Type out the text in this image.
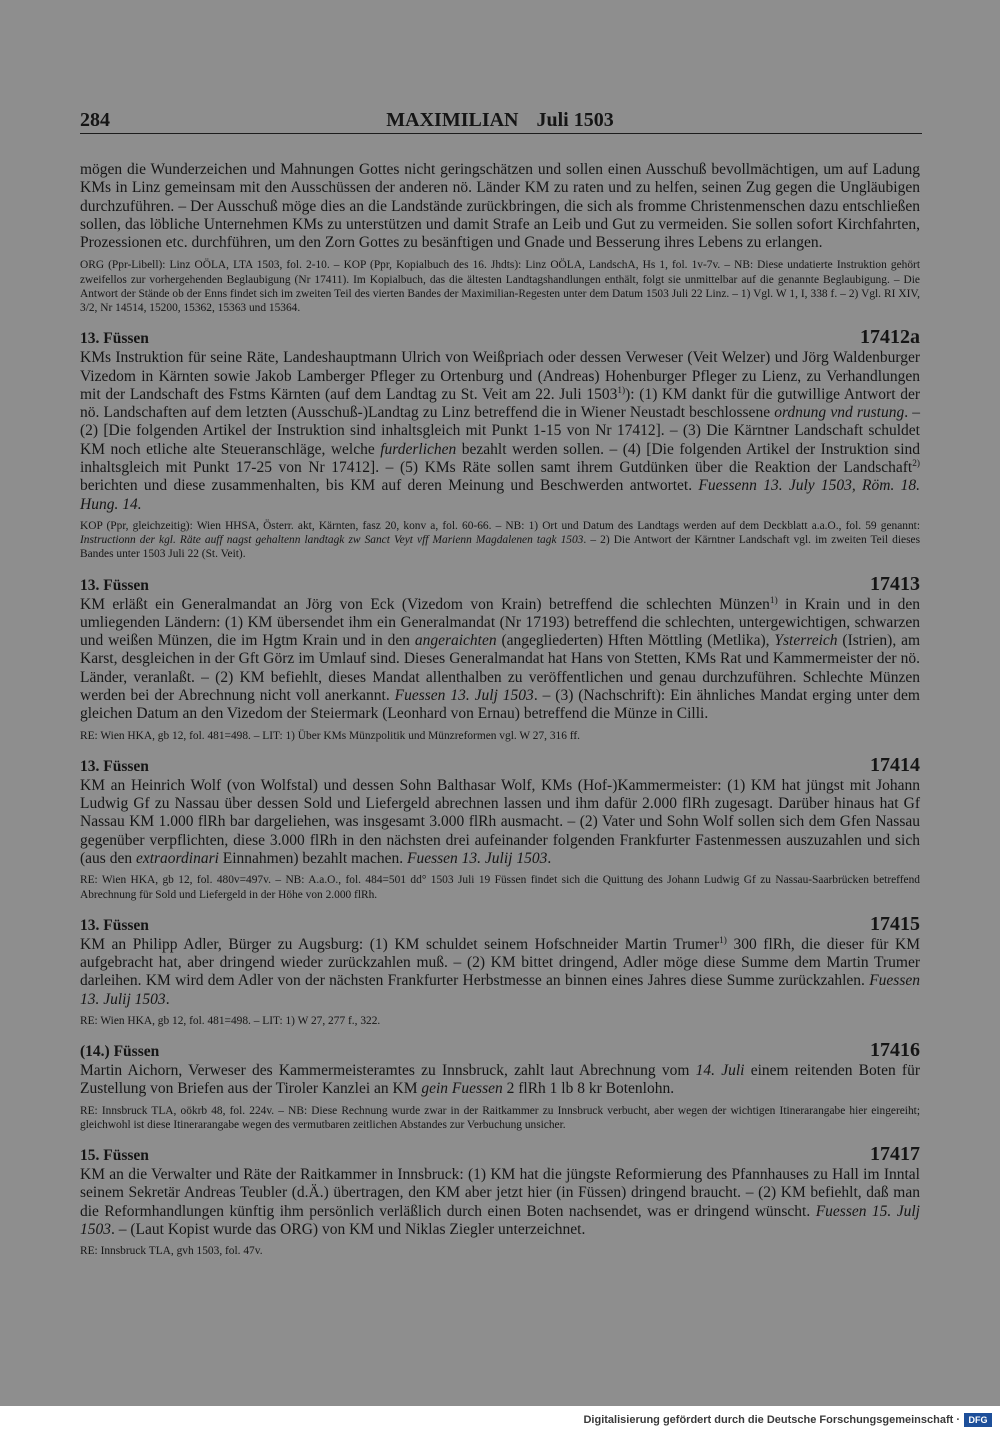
284	MAXIMILIAN Juli 1503

mögen die Wunderzeichen und Mahnungen Gottes nicht geringschätzen und sollen einen Ausschuß bevollmächtigen, um auf Ladung KMs in Linz gemeinsam mit den Ausschüssen der anderen nö. Länder KM zu raten und zu helfen, seinen Zug gegen die Ungläubigen durchzuführen. – Der Ausschuß möge dies an die Landstände zurückbringen, die sich als fromme Christenmenschen dazu entschließen sollen, das löbliche Unternehmen KMs zu unterstützen und damit Strafe an Leib und Gut zu vermeiden. Sie sollen sofort Kirchfahrten, Prozessionen etc. durchführen, um den Zorn Gottes zu besänftigen und Gnade und Besserung ihres Lebens zu erlangen.

ORG (Ppr-Libell): Linz OÖLA, LTA 1503, fol. 2-10. – KOP (Ppr, Kopialbuch des 16. Jhdts): Linz OÖLA, LandschA, Hs 1, fol. 1v-7v. – NB: Diese undatierte Instruktion gehört zweifellos zur vorhergehenden Beglaubigung (Nr 17411). Im Kopialbuch, das die ältesten Landtagshandlungen enthält, folgt sie unmittelbar auf die genannte Beglaubigung. – Die Antwort der Stände ob der Enns findet sich im zweiten Teil des vierten Bandes der Maximilian-Regesten unter dem Datum 1503 Juli 22 Linz. – 1) Vgl. W 1, I, 338 f. – 2) Vgl. RI XIV, 3/2, Nr 14514, 15200, 15362, 15363 und 15364.

13. Füssen	17412a

KMs Instruktion für seine Räte, Landeshauptmann Ulrich von Weißpriach oder dessen Verweser (Veit Welzer) und Jörg Waldenburger Vizedom in Kärnten sowie Jakob Lamberger Pfleger zu Ortenburg und (Andreas) Hohenburger Pfleger zu Lienz, zu Verhandlungen mit der Landschaft des Fstms Kärnten (auf dem Landtag zu St. Veit am 22. Juli 1503$^{1)}$): (1) KM dankt für die gutwillige Antwort der nö. Landschaften auf dem letzten (Ausschuß-)Landtag zu Linz betreffend die in Wiener Neustadt beschlossene ordnung vnd rustung. – (2) [Die folgenden Artikel der Instruktion sind inhaltsgleich mit Punkt 1-15 von Nr 17412]. – (3) Die Kärntner Landschaft schuldet KM noch etliche alte Steueranschläge, welche furderlichen bezahlt werden sollen. – (4) [Die folgenden Artikel der Instruktion sind inhaltsgleich mit Punkt 17-25 von Nr 17412]. – (5) KMs Räte sollen samt ihrem Gutdünken über die Reaktion der Landschaft$^{2)}$ berichten und diese zusammenhalten, bis KM auf deren Meinung und Beschwerden antwortet. Fuessenn 13. July 1503, Röm. 18. Hung. 14.

KOP (Ppr, gleichzeitig): Wien HHSA, Österr. akt, Kärnten, fasz 20, konv a, fol. 60-66. – NB: 1) Ort und Datum des Landtags werden auf dem Deckblatt a.a.O., fol. 59 genannt: Instructionn der kgl. Räte auff nagst gehaltenn landtagk zw Sanct Veyt vff Marienn Magdalenen tagk 1503. – 2) Die Antwort der Kärntner Landschaft vgl. im zweiten Teil dieses Bandes unter 1503 Juli 22 (St. Veit).

13. Füssen	17413

KM erläßt ein Generalmandat an Jörg von Eck (Vizedom von Krain) betreffend die schlechten Münzen$^{1)}$ in Krain und in den umliegenden Ländern: (1) KM übersendet ihm ein Generalmandat (Nr 17193) betreffend die schlechten, untergewichtigen, schwarzen und weißen Münzen, die im Hgtm Krain und in den angeraichten (angegliederten) Hften Möttling (Metlika), Ysterreich (Istrien), am Karst, desgleichen in der Gft Görz im Umlauf sind. Dieses Generalmandat hat Hans von Stetten, KMs Rat und Kammermeister der nö. Länder, veranlaßt. – (2) KM befiehlt, dieses Mandat allenthalben zu veröffentlichen und genau durchzuführen. Schlechte Münzen werden bei der Abrechnung nicht voll anerkannt. Fuessen 13. Julj 1503. – (3) (Nachschrift): Ein ähnliches Mandat erging unter dem gleichen Datum an den Vizedom der Steiermark (Leonhard von Ernau) betreffend die Münze in Cilli.

RE: Wien HKA, gb 12, fol. 481=498. – LIT: 1) Über KMs Münzpolitik und Münzreformen vgl. W 27, 316 ff.

13. Füssen	17414

KM an Heinrich Wolf (von Wolfstal) und dessen Sohn Balthasar Wolf, KMs (Hof-)Kammermeister: (1) KM hat jüngst mit Johann Ludwig Gf zu Nassau über dessen Sold und Liefergeld abrechnen lassen und ihm dafür 2.000 flRh zugesagt. Darüber hinaus hat Gf Nassau KM 1.000 flRh bar dargeliehen, was insgesamt 3.000 flRh ausmacht. – (2) Vater und Sohn Wolf sollen sich dem Gfen Nassau gegenüber verpflichten, diese 3.000 flRh in den nächsten drei aufeinander folgenden Frankfurter Fastenmessen auszuzahlen und sich (aus den extraordinari Einnahmen) bezahlt machen. Fuessen 13. Julij 1503.

RE: Wien HKA, gb 12, fol. 480v=497v. – NB: A.a.O., fol. 484=501 dd° 1503 Juli 19 Füssen findet sich die Quittung des Johann Ludwig Gf zu Nassau-Saarbrücken betreffend Abrechnung für Sold und Liefergeld in der Höhe von 2.000 flRh.

13. Füssen	17415

KM an Philipp Adler, Bürger zu Augsburg: (1) KM schuldet seinem Hofschneider Martin Trumer$^{1)}$ 300 flRh, die dieser für KM aufgebracht hat, aber dringend wieder zurückzahlen muß. – (2) KM bittet dringend, Adler möge diese Summe dem Martin Trumer darleihen. KM wird dem Adler von der nächsten Frankfurter Herbstmesse an binnen eines Jahres diese Summe zurückzahlen. Fuessen 13. Julij 1503.

RE: Wien HKA, gb 12, fol. 481=498. – LIT: 1) W 27, 277 f., 322.

(14.) Füssen	17416

Martin Aichorn, Verweser des Kammermeisteramtes zu Innsbruck, zahlt laut Abrechnung vom 14. Juli einem reitenden Boten für Zustellung von Briefen aus der Tiroler Kanzlei an KM gein Fuessen 2 flRh 1 lb 8 kr Botenlohn.

RE: Innsbruck TLA, oökrb 48, fol. 224v. – NB: Diese Rechnung wurde zwar in der Raitkammer zu Innsbruck verbucht, aber wegen der wichtigen Itinerarangabe hier eingereiht; gleichwohl ist diese Itinerarangabe wegen des vermutbaren zeitlichen Abstandes zur Verbuchung unsicher.

15. Füssen	17417

KM an die Verwalter und Räte der Raitkammer in Innsbruck: (1) KM hat die jüngste Reformierung des Pfannhauses zu Hall im Inntal seinem Sekretär Andreas Teubler (d.Ä.) übertragen, den KM aber jetzt hier (in Füssen) dringend braucht. – (2) KM befiehlt, daß man die Reformhandlungen künftig ihm persönlich verläßlich durch einen Boten nachsendet, was er dringend wünscht. Fuessen 15. Julj 1503. – (Laut Kopist wurde das ORG) von KM und Niklas Ziegler unterzeichnet.

RE: Innsbruck TLA, gvh 1503, fol. 47v.

Digitalisierung gefördert durch die Deutsche Forschungsgemeinschaft · DFG
